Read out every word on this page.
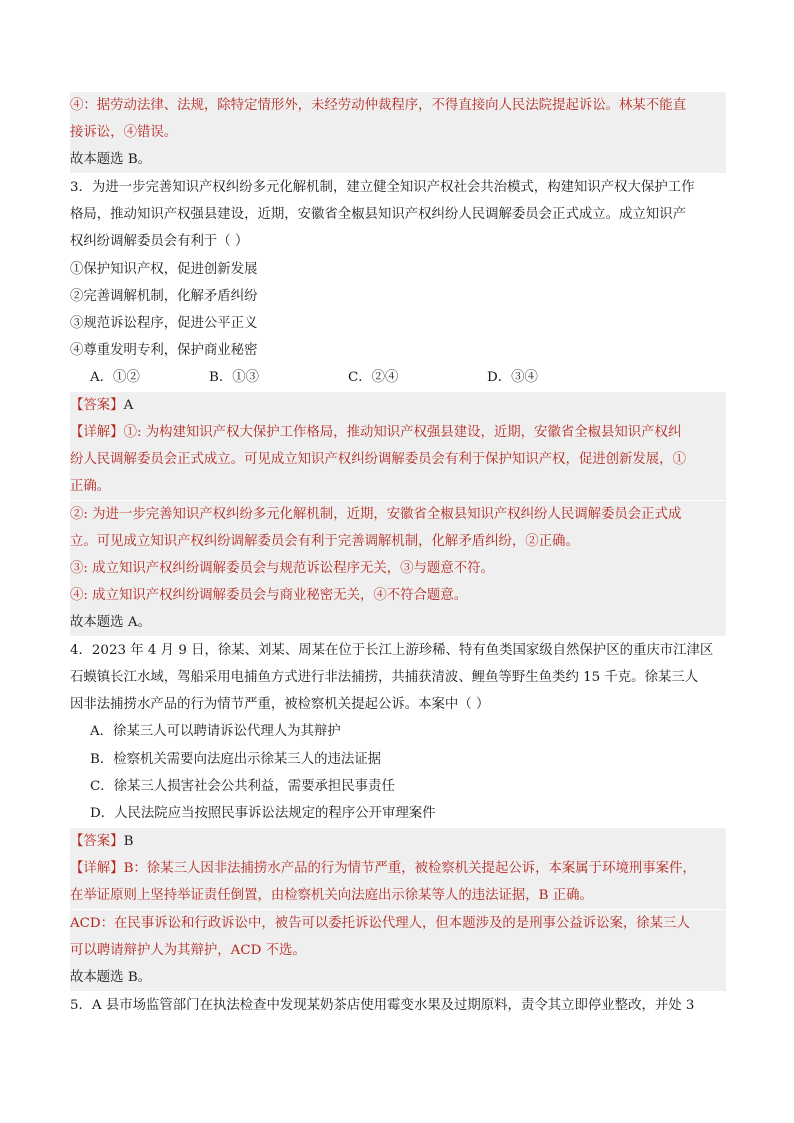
④：据劳动法律、法规，除特定情形外，未经劳动仲裁程序，不得直接向人民法院提起诉讼。林某不能直
接诉讼，④错误。
故本题选 B。
3．为进一步完善知识产权纠纷多元化解机制，建立健全知识产权社会共治模式，构建知识产权大保护工作
格局，推动知识产权强县建设，近期，安徽省全椒县知识产权纠纷人民调解委员会正式成立。成立知识产
权纠纷调解委员会有利于（ ）
①保护知识产权，促进创新发展
②完善调解机制，化解矛盾纠纷
③规范诉讼程序，促进公平正义
④尊重发明专利，保护商业秘密
A．①②	B．①③	C．②④	D．③④
【答案】A
【详解】①: 为构建知识产权大保护工作格局，推动知识产权强县建设，近期，安徽省全椒县知识产权纠
纷人民调解委员会正式成立。可见成立知识产权纠纷调解委员会有利于保护知识产权，促进创新发展，①
正确。
②: 为进一步完善知识产权纠纷多元化解机制，近期，安徽省全椒县知识产权纠纷人民调解委员会正式成
立。可见成立知识产权纠纷调解委员会有利于完善调解机制，化解矛盾纠纷，②正确。
③: 成立知识产权纠纷调解委员会与规范诉讼程序无关，③与题意不符。
④: 成立知识产权纠纷调解委员会与商业秘密无关，④不符合题意。
故本题选 A。
4．2023 年 4 月 9 日，徐某、刘某、周某在位于长江上游珍稀、特有鱼类国家级自然保护区的重庆市江津区
石蟆镇长江水域，驾船采用电捕鱼方式进行非法捕捞，共捕获清波、鲤鱼等野生鱼类约 15 千克。徐某三人
因非法捕捞水产品的行为情节严重，被检察机关提起公诉。本案中（ ）
A．徐某三人可以聘请诉讼代理人为其辩护
B．检察机关需要向法庭出示徐某三人的违法证据
C．徐某三人损害社会公共利益，需要承担民事责任
D．人民法院应当按照民事诉讼法规定的程序公开审理案件
【答案】B
【详解】B：徐某三人因非法捕捞水产品的行为情节严重，被检察机关提起公诉，本案属于环境刑事案件，
在举证原则上坚持举证责任倒置，由检察机关向法庭出示徐某等人的违法证据，B 正确。
ACD：在民事诉讼和行政诉讼中，被告可以委托诉讼代理人，但本题涉及的是刑事公益诉讼案，徐某三人
可以聘请辩护人为其辩护，ACD 不选。
故本题选 B。
5．A 县市场监管部门在执法检查中发现某奶茶店使用霉变水果及过期原料，责令其立即停业整改，并处 3
